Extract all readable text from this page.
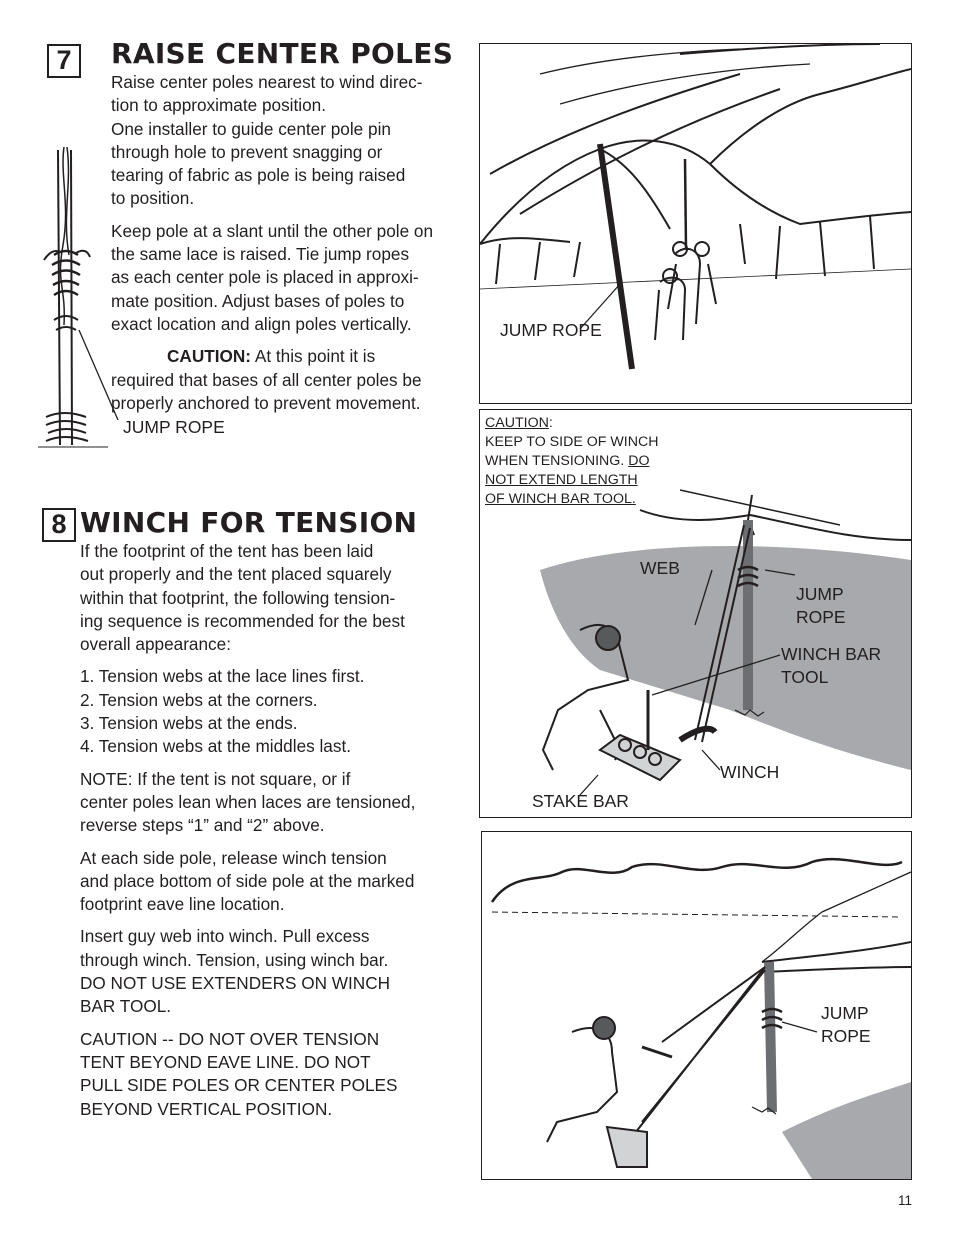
7	RAISE CENTER POLES

Raise center poles nearest to wind direc-

tion to approximate position.

One installer to guide center pole pin

through hole to prevent snagging or

tearing of fabric as pole is being raised

to position.

Keep pole at a slant until the other pole on

the same lace is raised. Tie jump ropes

as each center pole is placed in approxi-

mate position. Adjust bases of poles to

exact location and align poles vertically.

CAUTION: At this point it is

required that bases of all center poles be

properly anchored to prevent movement.

JUMP ROPE
JUMP ROPE
8 WINCH FOR TENSION

If the footprint of the tent has been laid

out properly and the tent placed squarely

within that footprint, the following tension-

ing sequence is recommended for the best

overall appearance:

1. Tension webs at the lace lines first.
2. Tension webs at the corners.
3. Tension webs at the ends.
4. Tension webs at the middles last.

NOTE: If the tent is not square, or if

center poles lean when laces are tensioned,

reverse steps “1” and “2” above.

At each side pole, release winch tension

and place bottom of side pole at the marked

footprint eave line location.

Insert guy web into winch. Pull excess

through winch. Tension, using winch bar.

DO NOT USE EXTENDERS ON WINCH

BAR TOOL.

CAUTION -- DO NOT OVER TENSION

TENT BEYOND EAVE LINE. DO NOT

PULL SIDE POLES OR CENTER POLES

BEYOND VERTICAL POSITION.

CAUTION:
KEEP TO SIDE OF WINCH
WHEN TENSIONING. DO
NOT EXTEND LENGTH
OF WINCH BAR TOOL.
WEB
JUMP
ROPE
WINCH BAR
TOOL
WINCH
STAKE BAR
JUMP
ROPE
11
